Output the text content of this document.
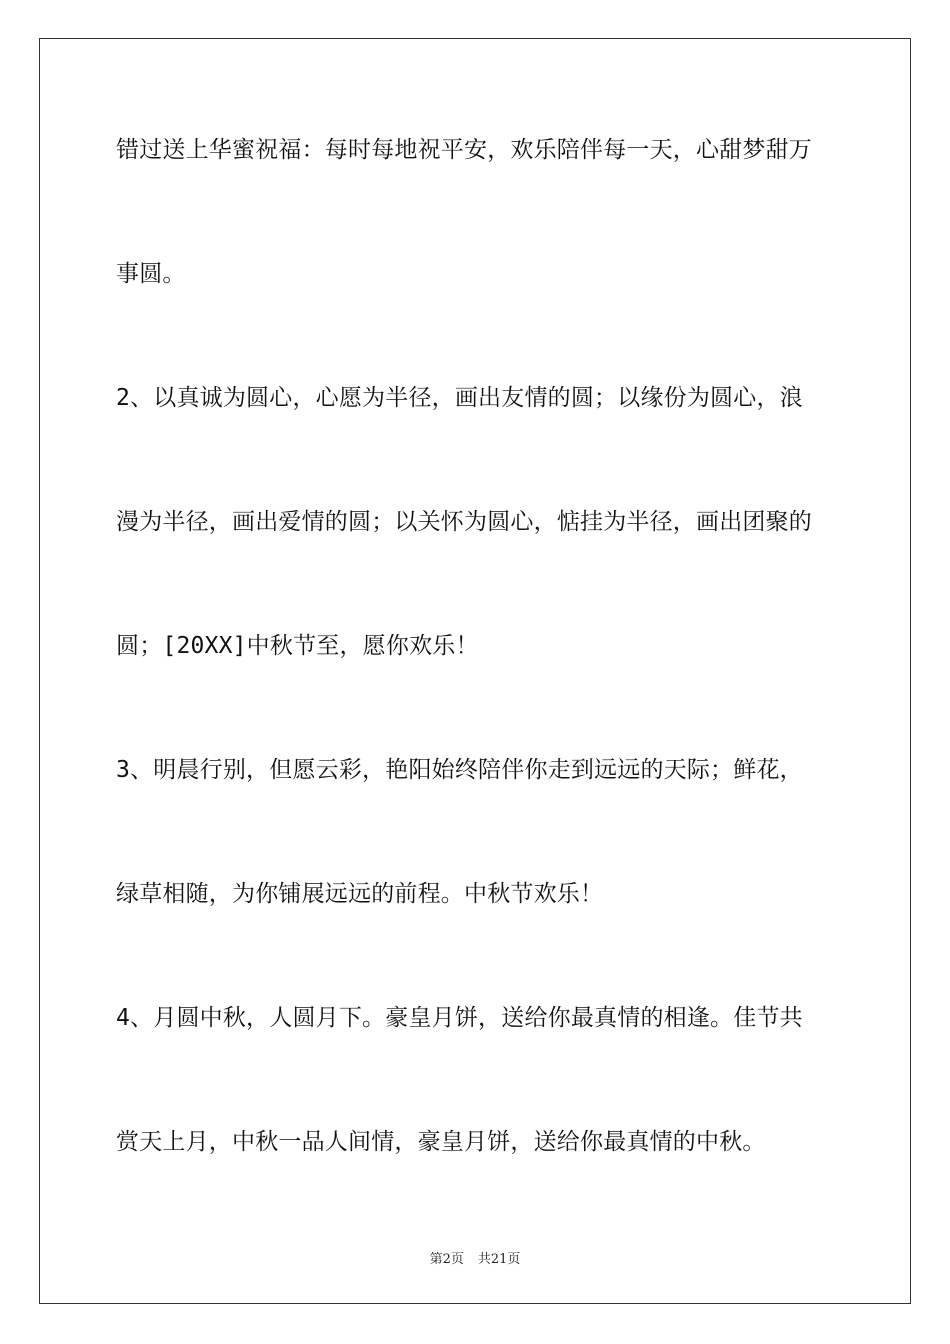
错过送上华蜜祝福：每时每地祝平安，欢乐陪伴每一天，心甜梦甜万
事圆。
2、以真诚为圆心，心愿为半径，画出友情的圆；以缘份为圆心，浪
漫为半径，画出爱情的圆；以关怀为圆心，惦挂为半径，画出团聚的
圆；[20XX]中秋节至，愿你欢乐！
3、明晨行别，但愿云彩，艳阳始终陪伴你走到远远的天际；鲜花，
绿草相随，为你铺展远远的前程。中秋节欢乐！
4、月圆中秋，人圆月下。豪皇月饼，送给你最真情的相逢。佳节共
赏天上月，中秋一品人间情，豪皇月饼，送给你最真情的中秋。
第2页 共21页
